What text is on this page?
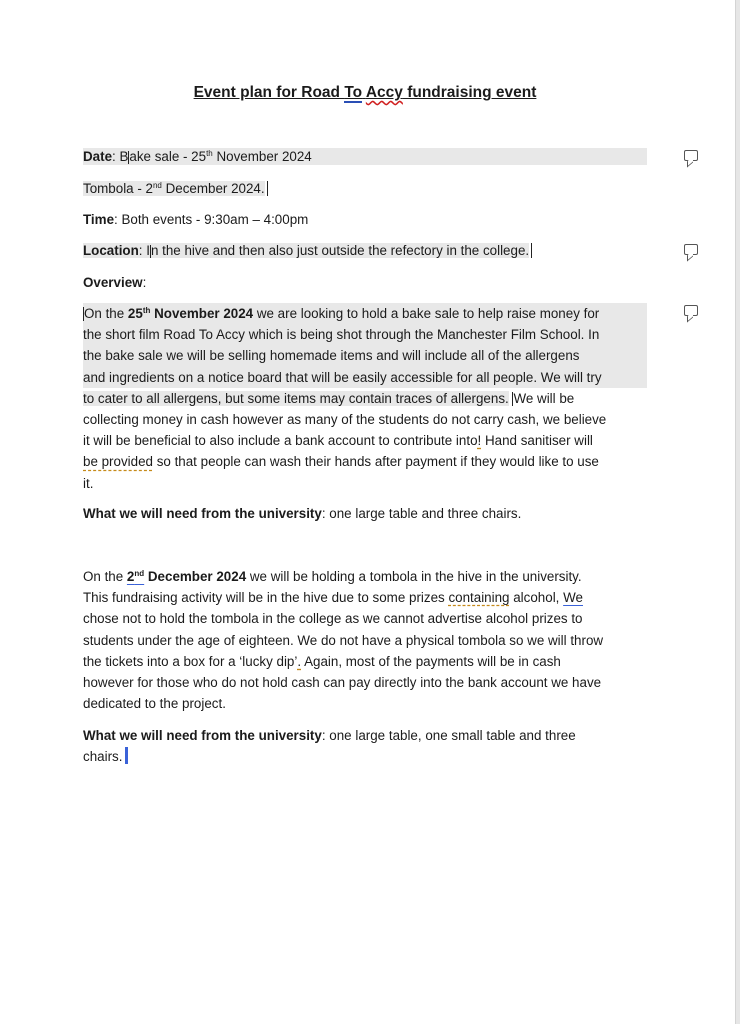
Event plan for Road To Accy fundraising event
Date: Bake sale - 25th November 2024
Tombola - 2nd December 2024.
Time: Both events - 9:30am – 4:00pm
Location: In the hive and then also just outside the refectory in the college.
Overview:

On the 25th November 2024 we are looking to hold a bake sale to help raise money for

the short film Road To Accy which is being shot through the Manchester Film School. In

the bake sale we will be selling homemade items and will include all of the allergens

and ingredients on a notice board that will be easily accessible for all people. We will try

to cater to all allergens, but some items may contain traces of allergens. We will be

collecting money in cash however as many of the students do not carry cash, we believe

it will be beneficial to also include a bank account to contribute into! Hand sanitiser will

be provided so that people can wash their hands after payment if they would like to use

it.

What we will need from the university: one large table and three chairs.

On the 2nd December 2024 we will be holding a tombola in the hive in the university.

This fundraising activity will be in the hive due to some prizes containing alcohol, We

chose not to hold the tombola in the college as we cannot advertise alcohol prizes to

students under the age of eighteen. We do not have a physical tombola so we will throw

the tickets into a box for a ‘lucky dip’. Again, most of the payments will be in cash

however for those who do not hold cash can pay directly into the bank account we have

dedicated to the project.

What we will need from the university: one large table, one small table and three

chairs.
